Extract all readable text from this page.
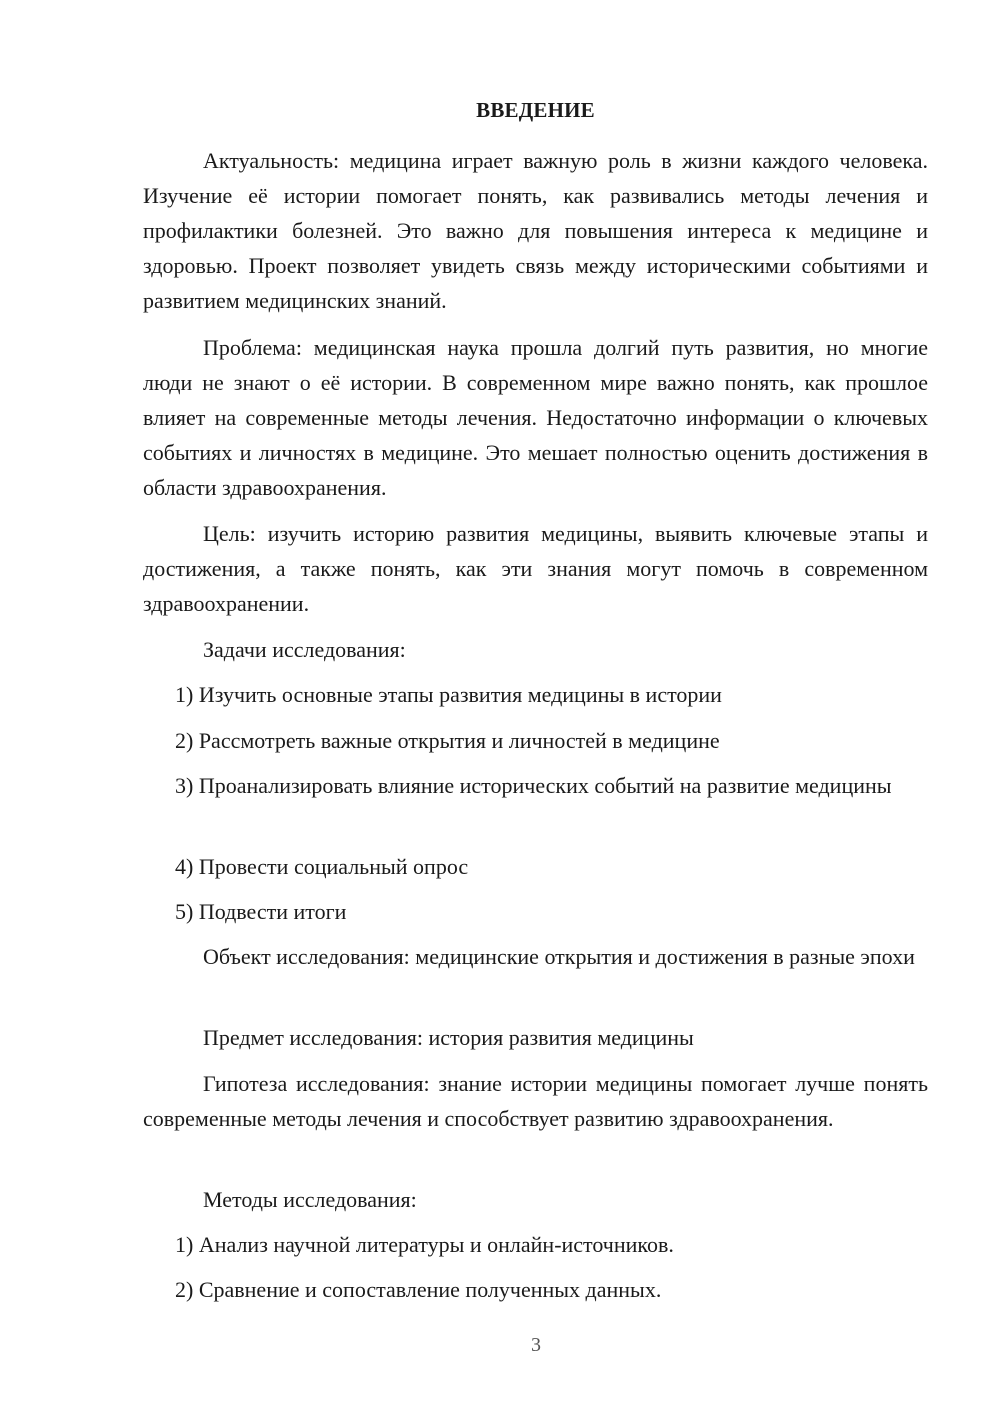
ВВЕДЕНИЕ

Актуальность: медицина играет важную роль в жизни каждого человека. Изучение её истории помогает понять, как развивались методы лечения и профилактики болезней. Это важно для повышения интереса к медицине и здоровью. Проект позволяет увидеть связь между историческими событиями и развитием медицинских знаний.

Проблема: медицинская наука прошла долгий путь развития, но многие люди не знают о её истории. В современном мире важно понять, как прошлое влияет на современные методы лечения. Недостаточно информации о ключевых событиях и личностях в медицине. Это мешает полностью оценить достижения в области здравоохранения.

Цель: изучить историю развития медицины, выявить ключевые этапы и достижения, а также понять, как эти знания могут помочь в современном здравоохранении.

Задачи исследования:

1) Изучить основные этапы развития медицины в истории

2) Рассмотреть важные открытия и личностей в медицине

3) Проанализировать влияние исторических событий на развитие медицины

4) Провести социальный опрос

5) Подвести итоги

Объект исследования: медицинские открытия и достижения в разные эпохи

Предмет исследования: история развития медицины

Гипотеза исследования: знание истории медицины помогает лучше понять современные методы лечения и способствует развитию здравоохранения.

Методы исследования:

1) Анализ научной литературы и онлайн-источников.

2) Сравнение и сопоставление полученных данных.

3
